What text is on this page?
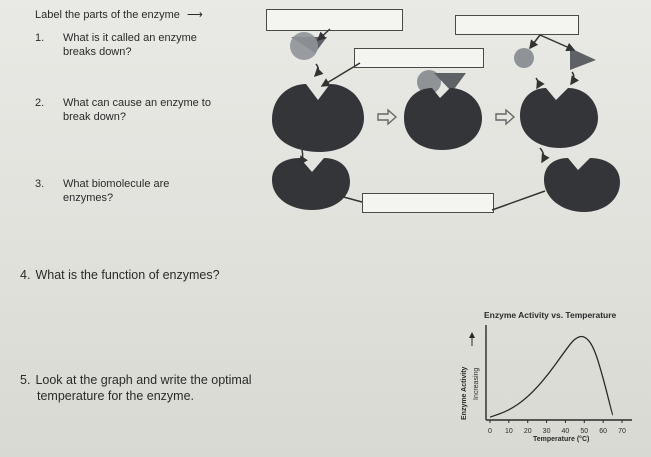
Label the parts of the enzyme ⟶

1. What is it called an enzyme
breaks down?
2. What can cause an enzyme to
break down?
3. What biomolecule are
enzymes?
4. What is the function of enzymes?
5. Look at the graph and write the optimal
temperature for the enzyme.
Enzyme Activity vs. Temperature
Enzyme Activity Increasing
0 10 20 30 40 50 60 70
Temperature (°C)
